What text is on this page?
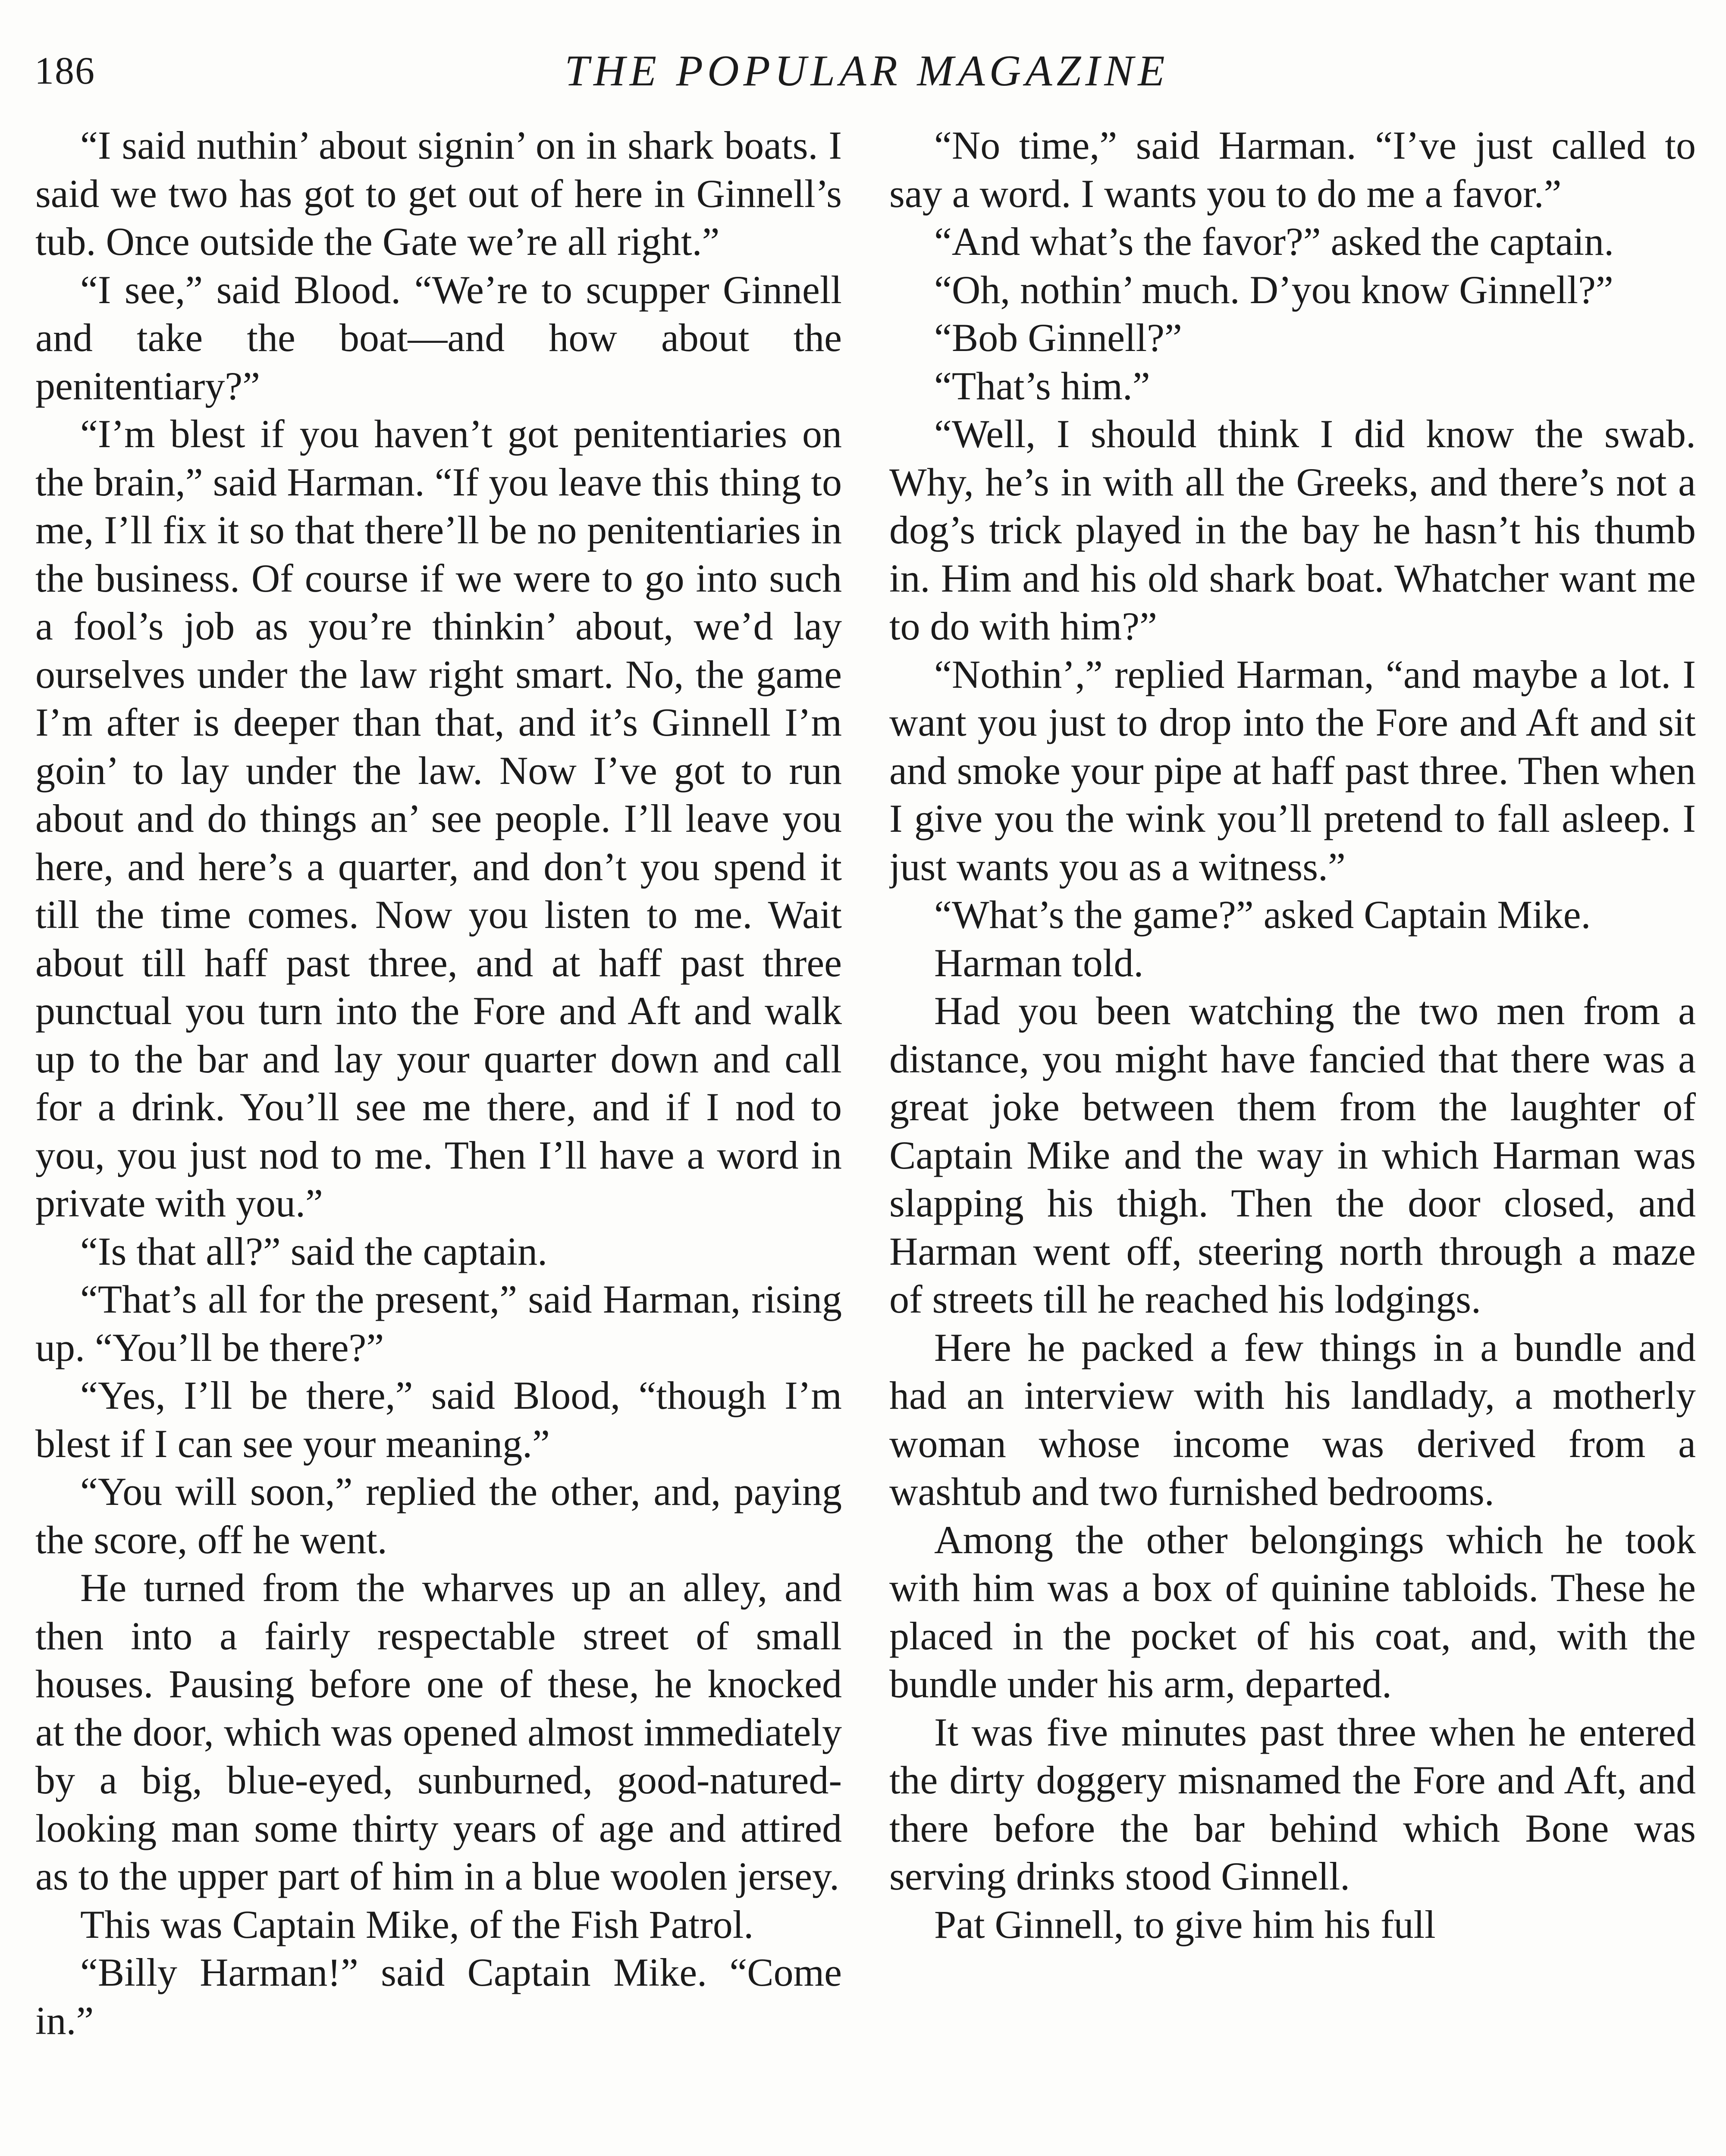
186	THE POPULAR MAGAZINE

“I said nuthin’ about signin’ on in shark boats. I said we two has got to get out of here in Ginnell’s tub. Once outside the Gate we’re all right.”

“I see,” said Blood. “We’re to scupper Ginnell and take the boat—and how about the penitentiary?”

“I’m blest if you haven’t got penitentiaries on the brain,” said Harman. “If you leave this thing to me, I’ll fix it so that there’ll be no penitentiaries in the business. Of course if we were to go into such a fool’s job as you’re thinkin’ about, we’d lay ourselves under the law right smart. No, the game I’m after is deeper than that, and it’s Ginnell I’m goin’ to lay under the law. Now I’ve got to run about and do things an’ see people. I’ll leave you here, and here’s a quarter, and don’t you spend it till the time comes. Now you listen to me. Wait about till haff past three, and at haff past three punctual you turn into the Fore and Aft and walk up to the bar and lay your quarter down and call for a drink. You’ll see me there, and if I nod to you, you just nod to me. Then I’ll have a word in private with you.”

“Is that all?” said the captain.

“That’s all for the present,” said Harman, rising up. “You’ll be there?”

“Yes, I’ll be there,” said Blood, “though I’m blest if I can see your meaning.”

“You will soon,” replied the other, and, paying the score, off he went.

He turned from the wharves up an alley, and then into a fairly respectable street of small houses. Pausing before one of these, he knocked at the door, which was opened almost immediately by a big, blue-eyed, sunburned, good-natured-looking man some thirty years of age and attired as to the upper part of him in a blue woolen jersey.

This was Captain Mike, of the Fish Patrol.

“Billy Harman!” said Captain Mike. “Come in.”

“No time,” said Harman. “I’ve just called to say a word. I wants you to do me a favor.”

“And what’s the favor?” asked the captain.

“Oh, nothin’ much. D’you know Ginnell?”

“Bob Ginnell?”

“That’s him.”

“Well, I should think I did know the swab. Why, he’s in with all the Greeks, and there’s not a dog’s trick played in the bay he hasn’t his thumb in. Him and his old shark boat. Whatcher want me to do with him?”

“Nothin’,” replied Harman, “and maybe a lot. I want you just to drop into the Fore and Aft and sit and smoke your pipe at haff past three. Then when I give you the wink you’ll pretend to fall asleep. I just wants you as a witness.”

“What’s the game?” asked Captain Mike.

Harman told.

Had you been watching the two men from a distance, you might have fancied that there was a great joke between them from the laughter of Captain Mike and the way in which Harman was slapping his thigh. Then the door closed, and Harman went off, steering north through a maze of streets till he reached his lodgings.

Here he packed a few things in a bundle and had an interview with his landlady, a motherly woman whose income was derived from a washtub and two furnished bedrooms.

Among the other belongings which he took with him was a box of quinine tabloids. These he placed in the pocket of his coat, and, with the bundle under his arm, departed.

It was five minutes past three when he entered the dirty doggery misnamed the Fore and Aft, and there before the bar behind which Bone was serving drinks stood Ginnell.

Pat Ginnell, to give him his full
